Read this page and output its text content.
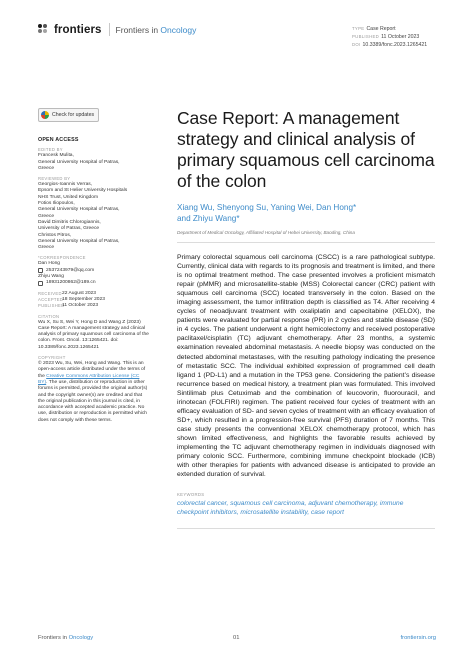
frontiers Frontiers in Oncology	TYPE Case Report
PUBLISHED 11 October 2023
DOI 10.3389/fonc.2023.1265421
Check for updates
OPEN ACCESS
EDITED BY
Francesk Mulita,
General University Hospital of Patras,
Greece
REVIEWED BY
Georgios-Ioannis Verras,
Epsom and St Helier University Hospitals
NHS Trust, United Kingdom
Fotios Iliopoulos,
General University Hospital of Patras,
Greece
David Dimitris Chlorogiannis,
University of Patras, Greece
Christos Pitros,
General University Hospital of Patras,
Greece
*CORRESPONDENCE
Dan Hong
2537243979@qq.com
Zhiyu Wang
18931200862@189.cn
RECEIVED 22 August 2023
ACCEPTED
18 September 2023
PUBLISHED
11 October 2023
CITATION
Wu X, Su S, Wei Y, Hong D and Wang Z (2023) Case Report: A management strategy and clinical analysis of primary squamous cell carcinoma of the colon. Front. Oncol. 13:1265421. doi: 10.3389/fonc.2023.1265421
COPYRIGHT
© 2023 Wu, Su, Wei, Hong and Wang. This is an open-access article distributed under the terms of the Creative Commons Attribution License (CC BY). The use, distribution or reproduction in other forums is permitted, provided the original author(s) and the copyright owner(s) are credited and that the original publication in this journal is cited, in accordance with accepted academic practice. No use, distribution or reproduction is permitted which does not comply with these terms.
Case Report: A management strategy and clinical analysis of primary squamous cell carcinoma of the colon
Xiang Wu, Shenyong Su, Yaning Wei, Dan Hong*
and Zhiyu Wang*
Department of Medical Oncology, Affiliated Hospital of Hebei University, Baoding, China

Primary colorectal squamous cell carcinoma (CSCC) is a rare pathological subtype. Currently, clinical data with regards to its prognosis and treatment is limited, and there is no optimal treatment method. The case presented involves a proficient mismatch repair (pMMR) and microsatellite-stable (MSS) Colorectal cancer (CRC) patient with squamous cell carcinoma (SCC) located transversely in the colon. Based on the imaging assessment, the tumor infiltration depth is classified as T4. After receiving 4 cycles of neoadjuvant treatment with oxaliplatin and capecitabine (XELOX), the patients were evaluated for partial response (PR) in 2 cycles and stable disease (SD) in 4 cycles. The patient underwent a right hemicolectomy and received postoperative paclitaxel/cisplatin (TC) adjuvant chemotherapy. After 23 months, a systemic examination revealed abdominal metastasis. A needle biopsy was conducted on the detected abdominal metastases, with the resulting pathology indicating the presence of metastatic SCC. The individual exhibited expression of programmed cell death ligand 1 (PD-L1) and a mutation in the TP53 gene. Considering the patient’s disease recurrence based on medical history, a treatment plan was formulated. This involved Sintilimab plus Cetuximab and the combination of leucovorin, fluorouracil, and irinotecan (FOLFIRI) regimen. The patient received four cycles of treatment with an efficacy evaluation of SD- and seven cycles of treatment with an efficacy evaluation of SD+, which resulted in a progression-free survival (PFS) duration of 7 months. This case study presents the conventional XELOX chemotherapy protocol, which has shown limited effectiveness, and highlights the favorable results achieved by implementing the TC adjuvant chemotherapy regimen in individuals diagnosed with primary colonic SCC. Furthermore, combining immune checkpoint blockade (ICB) with other therapies for patients with advanced disease is anticipated to provide an extended duration of survival.

KEYWORDS
colorectal cancer, squamous cell carcinoma, adjuvant chemotherapy, immune checkpoint inhibitors, microsatellite instability, case report
Frontiers in Oncology	01	frontiersin.org
